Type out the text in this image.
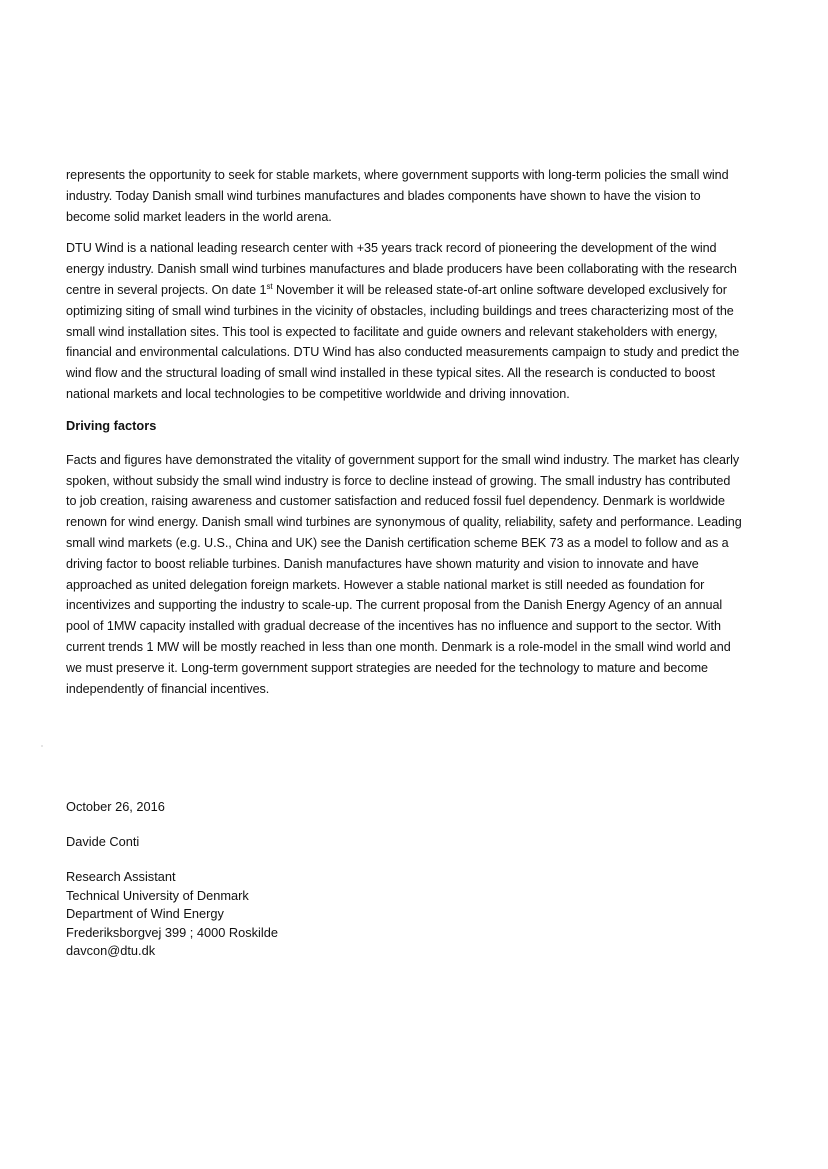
represents the opportunity to seek for stable markets, where government supports with long-term policies the small wind industry. Today Danish small wind turbines manufactures and blades components have shown to have the vision to become solid market leaders in the world arena.

DTU Wind is a national leading research center with +35 years track record of pioneering the development of the wind energy industry. Danish small wind turbines manufactures and blade producers have been collaborating with the research centre in several projects. On date 1st November it will be released state-of-art online software developed exclusively for optimizing siting of small wind turbines in the vicinity of obstacles, including buildings and trees characterizing most of the small wind installation sites. This tool is expected to facilitate and guide owners and relevant stakeholders with energy, financial and environmental calculations. DTU Wind has also conducted measurements campaign to study and predict the wind flow and the structural loading of small wind installed in these typical sites. All the research is conducted to boost national markets and local technologies to be competitive worldwide and driving innovation.

Driving factors

Facts and figures have demonstrated the vitality of government support for the small wind industry. The market has clearly spoken, without subsidy the small wind industry is force to decline instead of growing. The small industry has contributed to job creation, raising awareness and customer satisfaction and reduced fossil fuel dependency. Denmark is worldwide renown for wind energy. Danish small wind turbines are synonymous of quality, reliability, safety and performance. Leading small wind markets (e.g. U.S., China and UK) see the Danish certification scheme BEK 73 as a model to follow and as a driving factor to boost reliable turbines. Danish manufactures have shown maturity and vision to innovate and have approached as united delegation foreign markets. However a stable national market is still needed as foundation for incentivizes and supporting the industry to scale-up. The current proposal from the Danish Energy Agency of an annual pool of 1MW capacity installed with gradual decrease of the incentives has no influence and support to the sector. With current trends 1 MW will be mostly reached in less than one month. Denmark is a role-model in the small wind world and we must preserve it. Long-term government support strategies are needed for the technology to mature and become independently of financial incentives.

October 26, 2016
Davide Conti
Research Assistant
Technical University of Denmark
Department of Wind Energy
Frederiksborgvej 399 ; 4000 Roskilde
davcon@dtu.dk
